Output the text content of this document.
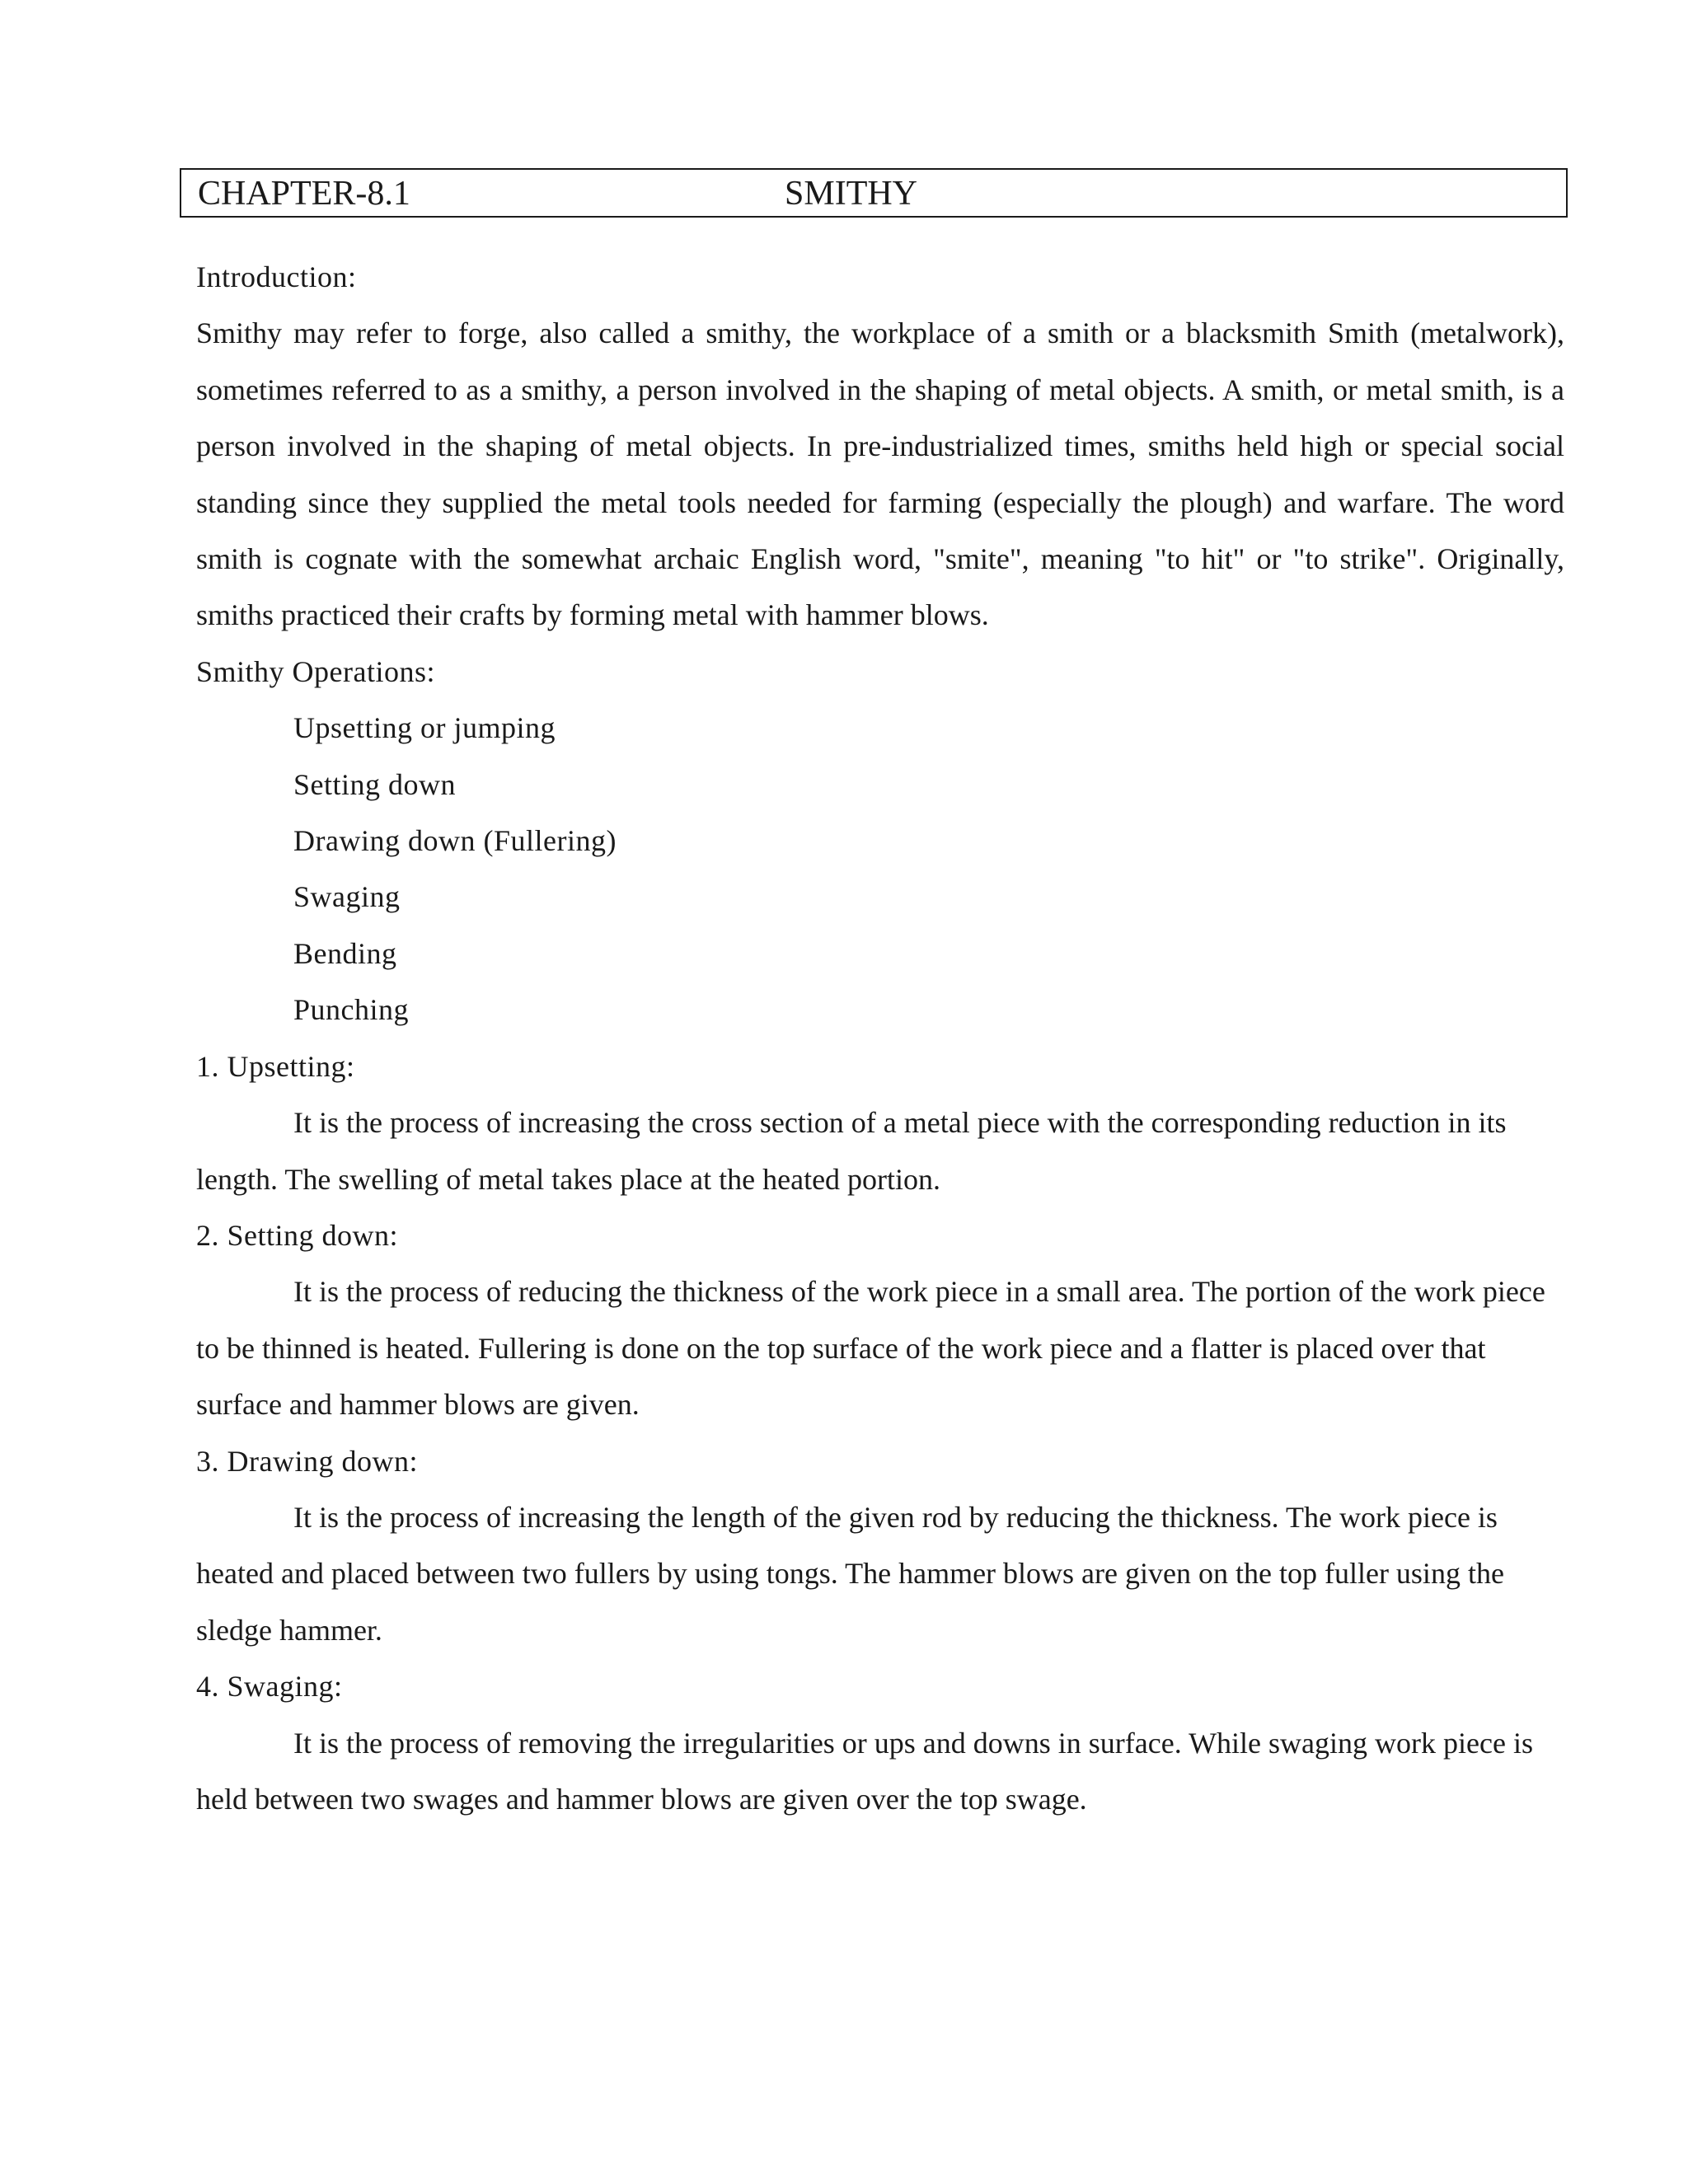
CHAPTER-8.1	SMITHY

Introduction:

Smithy may refer to forge, also called a smithy, the workplace of a smith or a blacksmith Smith (metalwork), sometimes referred to as a smithy, a person involved in the shaping of metal objects. A smith, or metal smith, is a person involved in the shaping of metal objects. In pre-industrialized times, smiths held high or special social standing since they supplied the metal tools needed for farming (especially the plough) and warfare. The word smith is cognate with the somewhat archaic English word, "smite", meaning "to hit" or "to strike". Originally, smiths practiced their crafts by forming metal with hammer blows.

Smithy Operations:

Upsetting or jumping
Setting down
Drawing down (Fullering)
Swaging
Bending
Punching

1. Upsetting:

It is the process of increasing the cross section of a metal piece with the corresponding reduction in its length. The swelling of metal takes place at the heated portion.

2. Setting down:

It is the process of reducing the thickness of the work piece in a small area. The portion of the work piece to be thinned is heated. Fullering is done on the top surface of the work piece and a flatter is placed over that surface and hammer blows are given.

3. Drawing down:

It is the process of increasing the length of the given rod by reducing the thickness. The work piece is heated and placed between two fullers by using tongs. The hammer blows are given on the top fuller using the sledge hammer.

4. Swaging:

It is the process of removing the irregularities or ups and downs in surface. While swaging work piece is held between two swages and hammer blows are given over the top swage.
